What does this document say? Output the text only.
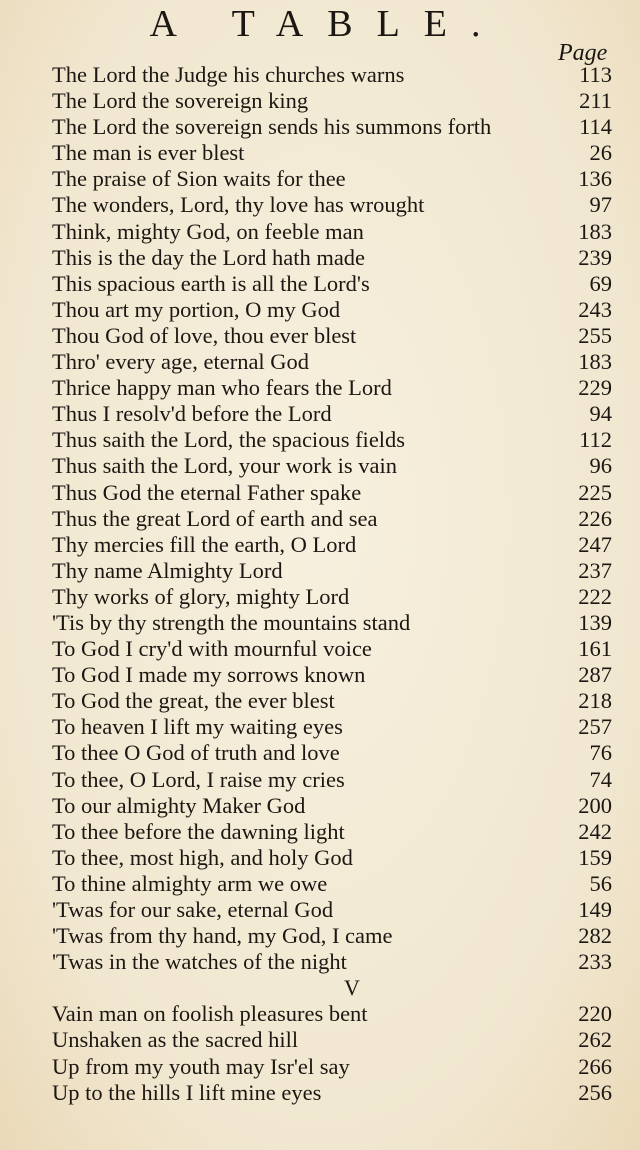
A TABLE.
Page
The Lord the Judge his churches warns	113
The Lord the sovereign king	211
The Lord the sovereign sends his summons forth	114
The man is ever blest	26
The praise of Sion waits for thee	136
The wonders, Lord, thy love has wrought	97
Think, mighty God, on feeble man	183
This is the day the Lord hath made	239
This spacious earth is all the Lord's	69
Thou art my portion, O my God	243
Thou God of love, thou ever blest	255
Thro' every age, eternal God	183
Thrice happy man who fears the Lord	229
Thus I resolv'd before the Lord	94
Thus saith the Lord, the spacious fields	112
Thus saith the Lord, your work is vain	96
Thus God the eternal Father spake	225
Thus the great Lord of earth and sea	226
Thy mercies fill the earth, O Lord	247
Thy name Almighty Lord	237
Thy works of glory, mighty Lord	222
'Tis by thy strength the mountains stand	139
To God I cry'd with mournful voice	161
To God I made my sorrows known	287
To God the great, the ever blest	218
To heaven I lift my waiting eyes	257
To thee O God of truth and love	76
To thee, O Lord, I raise my cries	74
To our almighty Maker God	200
To thee before the dawning light	242
To thee, most high, and holy God	159
To thine almighty arm we owe	56
'Twas for our sake, eternal God	149
'Twas from thy hand, my God, I came	282
'Twas in the watches of the night	233
V
Vain man on foolish pleasures bent	220
Unshaken as the sacred hill	262
Up from my youth may Isr'el say	266
Up to the hills I lift mine eyes	256
